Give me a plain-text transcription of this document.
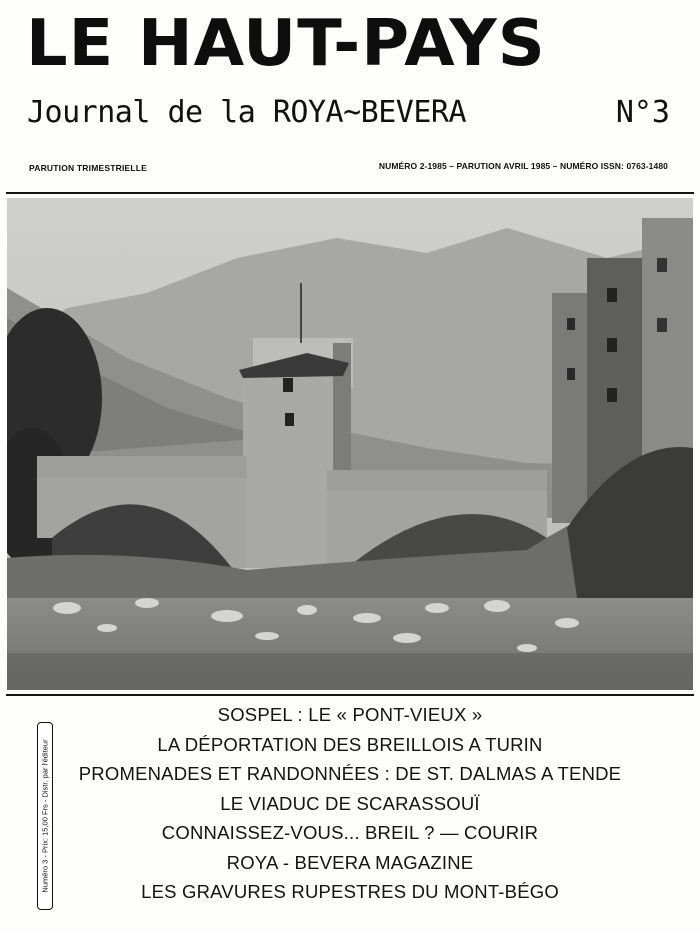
LE HAUT-PAYS
Journal de la ROYA~BEVERA	N°3
PARUTION TRIMESTRIELLE	NUMÉRO 2-1985 – PARUTION AVRIL 1985 – NUMÉRO ISSN: 0763-1480
SOSPEL : LE « PONT-VIEUX »
LA DÉPORTATION DES BREILLOIS A TURIN
PROMENADES ET RANDONNÉES : DE ST. DALMAS A TENDE
LE VIADUC DE SCARASSOUÏ
CONNAISSEZ-VOUS... BREIL ? — COURIR
ROYA - BEVERA MAGAZINE
LES GRAVURES RUPESTRES DU MONT-BÉGO
Numéro 3 - Prix: 15,00 Frs - Distr. par l'éditeur
